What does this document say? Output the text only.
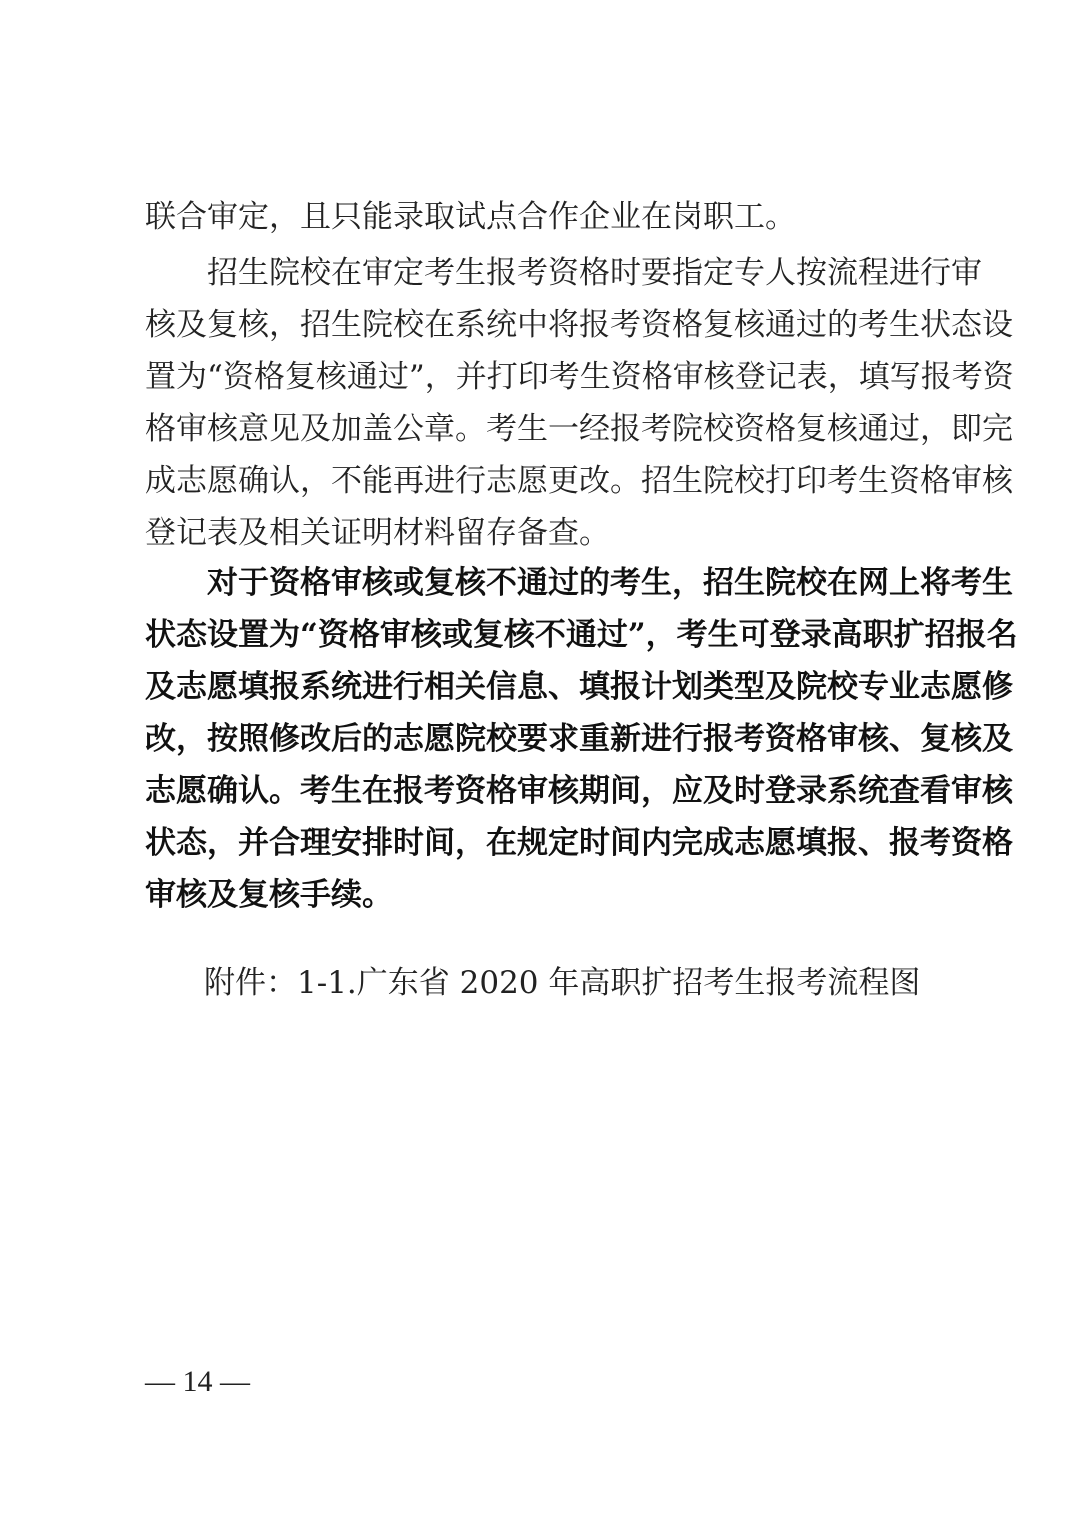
联合审定，且只能录取试点合作企业在岗职工。
招生院校在审定考生报考资格时要指定专人按流程进行审
核及复核，招生院校在系统中将报考资格复核通过的考生状态设
置为“资格复核通过”，并打印考生资格审核登记表，填写报考资
格审核意见及加盖公章。考生一经报考院校资格复核通过，即完
成志愿确认，不能再进行志愿更改。招生院校打印考生资格审核
登记表及相关证明材料留存备查。
对于资格审核或复核不通过的考生，招生院校在网上将考生
状态设置为“资格审核或复核不通过”，考生可登录高职扩招报名
及志愿填报系统进行相关信息、填报计划类型及院校专业志愿修
改，按照修改后的志愿院校要求重新进行报考资格审核、复核及
志愿确认。考生在报考资格审核期间，应及时登录系统查看审核
状态，并合理安排时间，在规定时间内完成志愿填报、报考资格
审核及复核手续。
附件：1-1.广东省 2020 年高职扩招考生报考流程图
— 14 —
